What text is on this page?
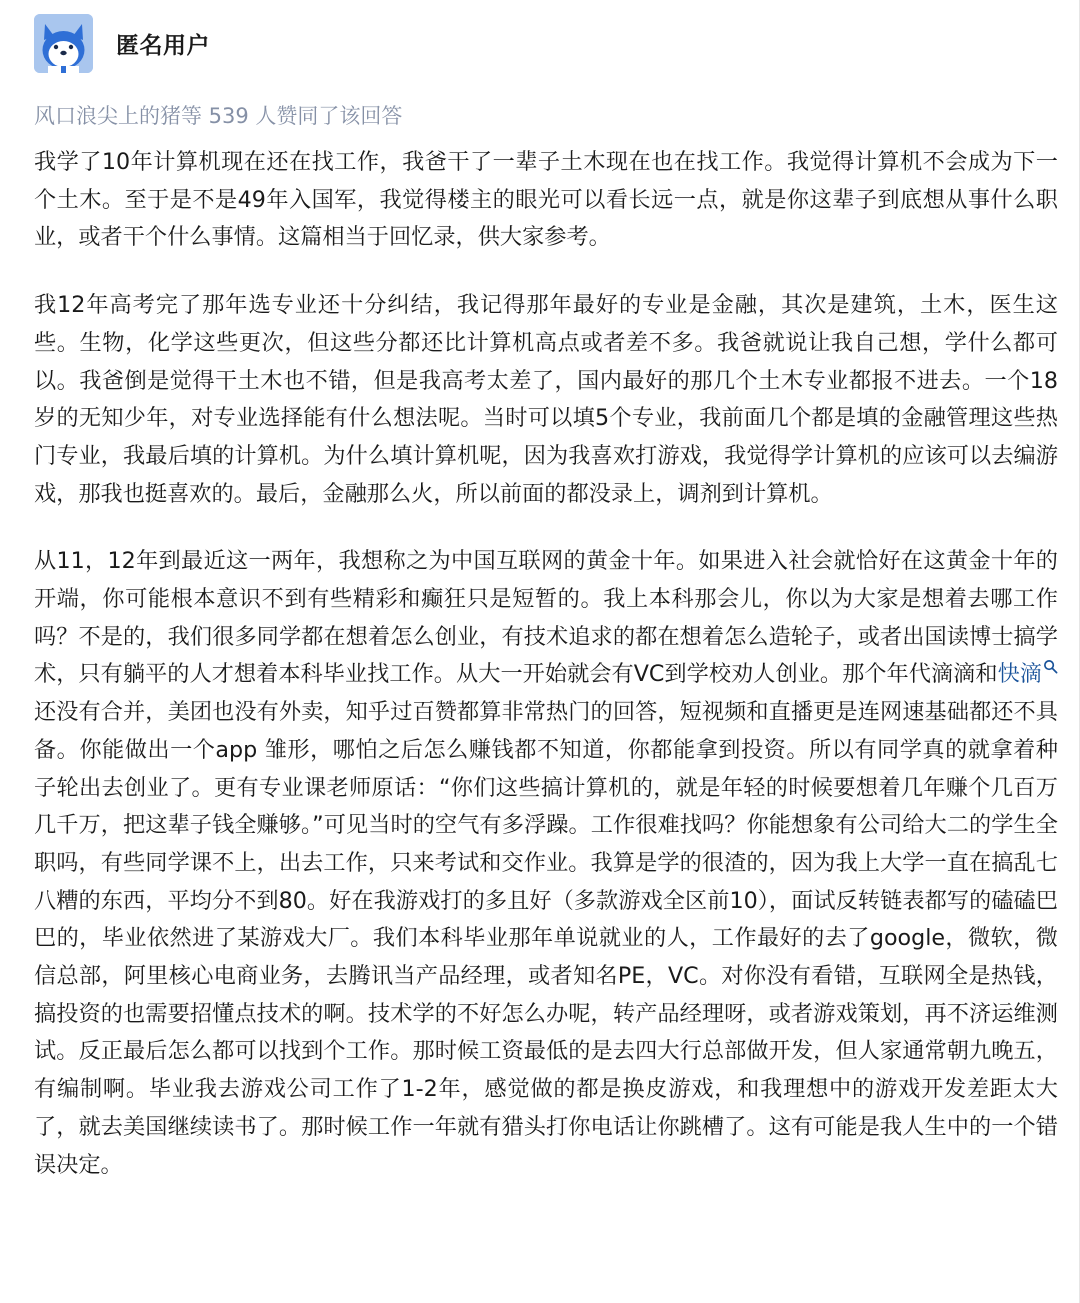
匿名用户
风口浪尖上的猪等 539 人赞同了该回答

我学了10年计算机现在还在找工作，我爸干了一辈子土木现在也在找工作。我觉得计算机不会成为下一个土木。至于是不是49年入国军，我觉得楼主的眼光可以看长远一点，就是你这辈子到底想从事什么职业，或者干个什么事情。这篇相当于回忆录，供大家参考。

我12年高考完了那年选专业还十分纠结，我记得那年最好的专业是金融，其次是建筑，土木，医生这些。生物，化学这些更次，但这些分都还比计算机高点或者差不多。我爸就说让我自己想，学什么都可以。我爸倒是觉得干土木也不错，但是我高考太差了，国内最好的那几个土木专业都报不进去。一个18岁的无知少年，对专业选择能有什么想法呢。当时可以填5个专业，我前面几个都是填的金融管理这些热门专业，我最后填的计算机。为什么填计算机呢，因为我喜欢打游戏，我觉得学计算机的应该可以去编游戏，那我也挺喜欢的。最后，金融那么火，所以前面的都没录上，调剂到计算机。

从11，12年到最近这一两年，我想称之为中国互联网的黄金十年。如果进入社会就恰好在这黄金十年的开端，你可能根本意识不到有些精彩和癫狂只是短暂的。我上本科那会儿，你以为大家是想着去哪工作吗？不是的，我们很多同学都在想着怎么创业，有技术追求的都在想着怎么造轮子，或者出国读博士搞学术，只有躺平的人才想着本科毕业找工作。从大一开始就会有VC到学校劝人创业。那个年代滴滴和快滴还没有合并，美团也没有外卖，知乎过百赞都算非常热门的回答，短视频和直播更是连网速基础都还不具备。你能做出一个app 雏形，哪怕之后怎么赚钱都不知道，你都能拿到投资。所以有同学真的就拿着种子轮出去创业了。更有专业课老师原话：“你们这些搞计算机的，就是年轻的时候要想着几年赚个几百万几千万，把这辈子钱全赚够。”可见当时的空气有多浮躁。工作很难找吗？你能想象有公司给大二的学生全职吗，有些同学课不上，出去工作，只来考试和交作业。我算是学的很渣的，因为我上大学一直在搞乱七八糟的东西，平均分不到80。好在我游戏打的多且好（多款游戏全区前10），面试反转链表都写的磕磕巴巴的，毕业依然进了某游戏大厂。我们本科毕业那年单说就业的人，工作最好的去了google，微软，微信总部，阿里核心电商业务，去腾讯当产品经理，或者知名PE，VC。对你没有看错，互联网全是热钱，搞投资的也需要招懂点技术的啊。技术学的不好怎么办呢，转产品经理呀，或者游戏策划，再不济运维测试。反正最后怎么都可以找到个工作。那时候工资最低的是去四大行总部做开发，但人家通常朝九晚五，有编制啊。毕业我去游戏公司工作了1-2年，感觉做的都是换皮游戏，和我理想中的游戏开发差距太大了，就去美国继续读书了。那时候工作一年就有猎头打你电话让你跳槽了。这有可能是我人生中的一个错误决定。
